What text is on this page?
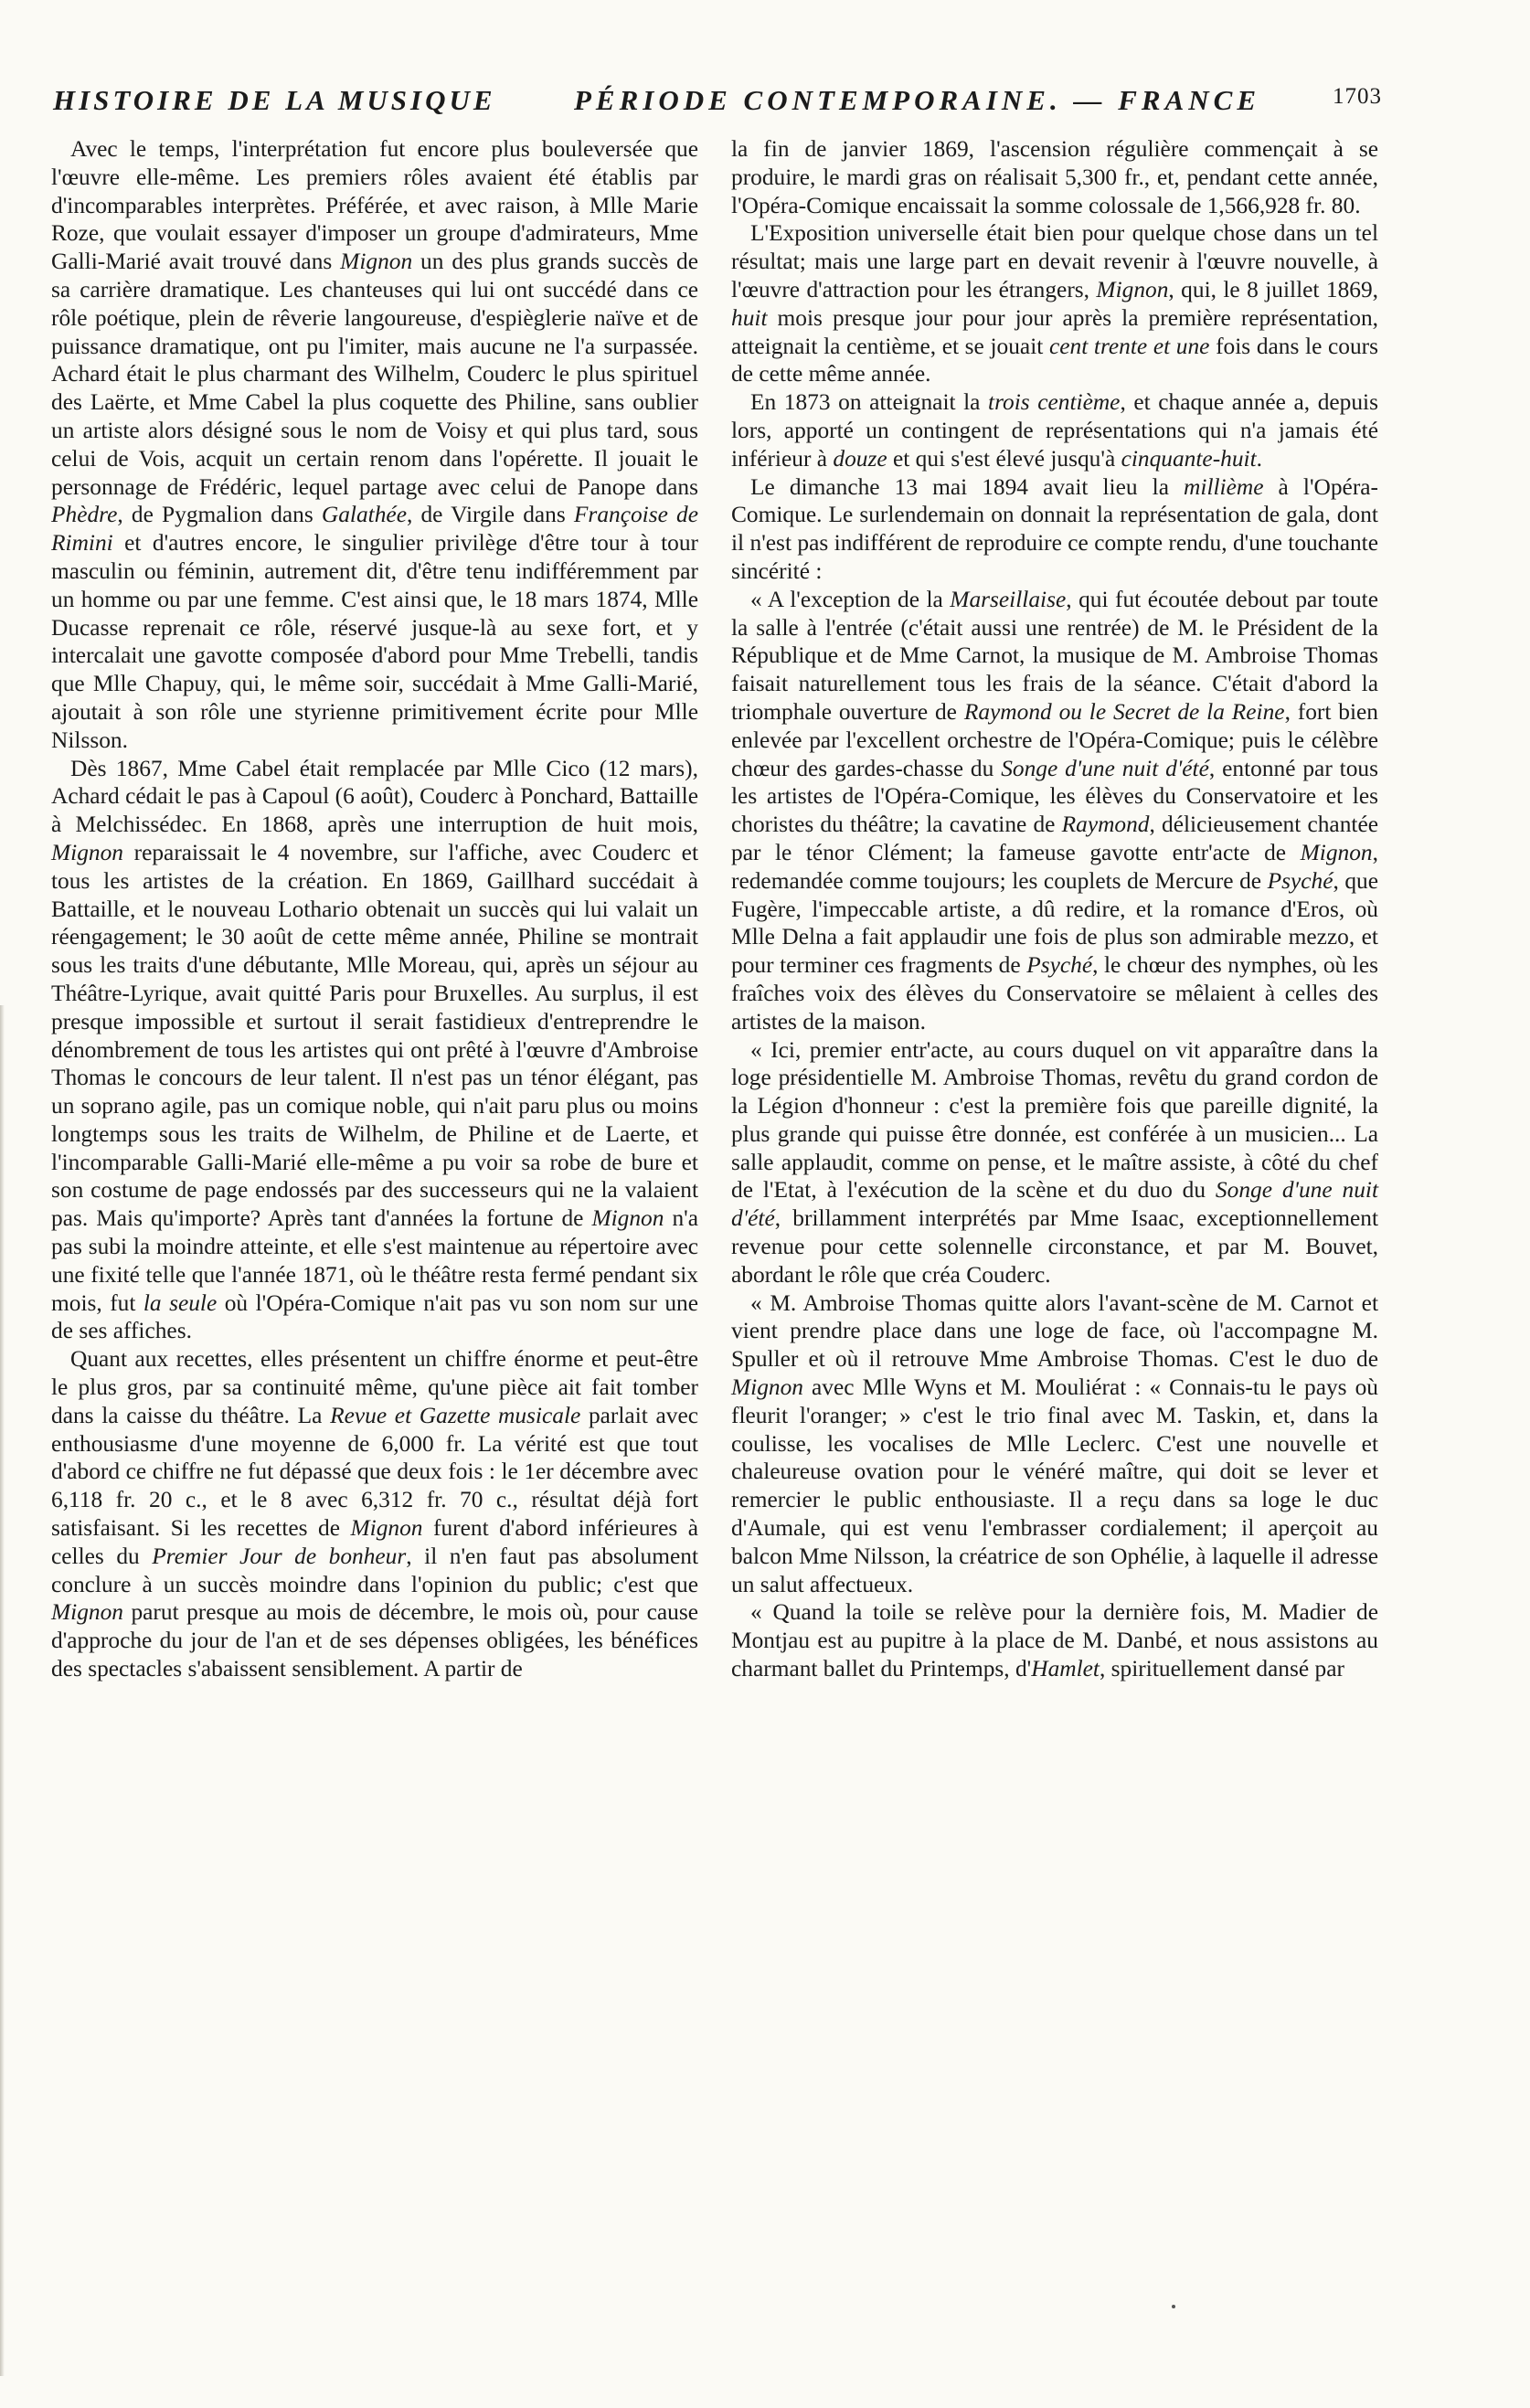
HISTOIRE DE LA MUSIQUE	PÉRIODE CONTEMPORAINE. — FRANCE	1703

Avec le temps, l'interprétation fut encore plus bouleversée que l'œuvre elle-même. Les premiers rôles avaient été établis par d'incomparables interprètes. Préférée, et avec raison, à Mlle Marie Roze, que voulait essayer d'imposer un groupe d'admirateurs, Mme Galli-Marié avait trouvé dans Mignon un des plus grands succès de sa carrière dramatique. Les chanteuses qui lui ont succédé dans ce rôle poétique, plein de rêverie langoureuse, d'espièglerie naïve et de puissance dramatique, ont pu l'imiter, mais aucune ne l'a surpassée. Achard était le plus charmant des Wilhelm, Couderc le plus spirituel des Laërte, et Mme Cabel la plus coquette des Philine, sans oublier un artiste alors désigné sous le nom de Voisy et qui plus tard, sous celui de Vois, acquit un certain renom dans l'opérette. Il jouait le personnage de Frédéric, lequel partage avec celui de Panope dans Phèdre, de Pygmalion dans Galathée, de Virgile dans Françoise de Rimini et d'autres encore, le singulier privilège d'être tour à tour masculin ou féminin, autrement dit, d'être tenu indifféremment par un homme ou par une femme. C'est ainsi que, le 18 mars 1874, Mlle Ducasse reprenait ce rôle, réservé jusque-là au sexe fort, et y intercalait une gavotte composée d'abord pour Mme Trebelli, tandis que Mlle Chapuy, qui, le même soir, succédait à Mme Galli-Marié, ajoutait à son rôle une styrienne primitivement écrite pour Mlle Nilsson.

Dès 1867, Mme Cabel était remplacée par Mlle Cico (12 mars), Achard cédait le pas à Capoul (6 août), Couderc à Ponchard, Battaille à Melchissédec. En 1868, après une interruption de huit mois, Mignon reparaissait le 4 novembre, sur l'affiche, avec Couderc et tous les artistes de la création. En 1869, Gaillhard succédait à Battaille, et le nouveau Lothario obtenait un succès qui lui valait un réengagement; le 30 août de cette même année, Philine se montrait sous les traits d'une débutante, Mlle Moreau, qui, après un séjour au Théâtre-Lyrique, avait quitté Paris pour Bruxelles. Au surplus, il est presque impossible et surtout il serait fastidieux d'entreprendre le dénombrement de tous les artistes qui ont prêté à l'œuvre d'Ambroise Thomas le concours de leur talent. Il n'est pas un ténor élégant, pas un soprano agile, pas un comique noble, qui n'ait paru plus ou moins longtemps sous les traits de Wilhelm, de Philine et de Laerte, et l'incomparable Galli-Marié elle-même a pu voir sa robe de bure et son costume de page endossés par des successeurs qui ne la valaient pas. Mais qu'importe? Après tant d'années la fortune de Mignon n'a pas subi la moindre atteinte, et elle s'est maintenue au répertoire avec une fixité telle que l'année 1871, où le théâtre resta fermé pendant six mois, fut la seule où l'Opéra-Comique n'ait pas vu son nom sur une de ses affiches.

Quant aux recettes, elles présentent un chiffre énorme et peut-être le plus gros, par sa continuité même, qu'une pièce ait fait tomber dans la caisse du théâtre. La Revue et Gazette musicale parlait avec enthousiasme d'une moyenne de 6,000 fr. La vérité est que tout d'abord ce chiffre ne fut dépassé que deux fois : le 1er décembre avec 6,118 fr. 20 c., et le 8 avec 6,312 fr. 70 c., résultat déjà fort satisfaisant. Si les recettes de Mignon furent d'abord inférieures à celles du Premier Jour de bonheur, il n'en faut pas absolument conclure à un succès moindre dans l'opinion du public; c'est que Mignon parut presque au mois de décembre, le mois où, pour cause d'approche du jour de l'an et de ses dépenses obligées, les bénéfices des spectacles s'abaissent sensiblement. A partir de

la fin de janvier 1869, l'ascension régulière commençait à se produire, le mardi gras on réalisait 5,300 fr., et, pendant cette année, l'Opéra-Comique encaissait la somme colossale de 1,566,928 fr. 80.

L'Exposition universelle était bien pour quelque chose dans un tel résultat; mais une large part en devait revenir à l'œuvre nouvelle, à l'œuvre d'attraction pour les étrangers, Mignon, qui, le 8 juillet 1869, huit mois presque jour pour jour après la première représentation, atteignait la centième, et se jouait cent trente et une fois dans le cours de cette même année.

En 1873 on atteignait la trois centième, et chaque année a, depuis lors, apporté un contingent de représentations qui n'a jamais été inférieur à douze et qui s'est élevé jusqu'à cinquante-huit.

Le dimanche 13 mai 1894 avait lieu la millième à l'Opéra-Comique. Le surlendemain on donnait la représentation de gala, dont il n'est pas indifférent de reproduire ce compte rendu, d'une touchante sincérité :

« A l'exception de la Marseillaise, qui fut écoutée debout par toute la salle à l'entrée (c'était aussi une rentrée) de M. le Président de la République et de Mme Carnot, la musique de M. Ambroise Thomas faisait naturellement tous les frais de la séance. C'était d'abord la triomphale ouverture de Raymond ou le Secret de la Reine, fort bien enlevée par l'excellent orchestre de l'Opéra-Comique; puis le célèbre chœur des gardes-chasse du Songe d'une nuit d'été, entonné par tous les artistes de l'Opéra-Comique, les élèves du Conservatoire et les choristes du théâtre; la cavatine de Raymond, délicieusement chantée par le ténor Clément; la fameuse gavotte entr'acte de Mignon, redemandée comme toujours; les couplets de Mercure de Psyché, que Fugère, l'impeccable artiste, a dû redire, et la romance d'Eros, où Mlle Delna a fait applaudir une fois de plus son admirable mezzo, et pour terminer ces fragments de Psyché, le chœur des nymphes, où les fraîches voix des élèves du Conservatoire se mêlaient à celles des artistes de la maison.

« Ici, premier entr'acte, au cours duquel on vit apparaître dans la loge présidentielle M. Ambroise Thomas, revêtu du grand cordon de la Légion d'honneur : c'est la première fois que pareille dignité, la plus grande qui puisse être donnée, est conférée à un musicien... La salle applaudit, comme on pense, et le maître assiste, à côté du chef de l'Etat, à l'exécution de la scène et du duo du Songe d'une nuit d'été, brillamment interprétés par Mme Isaac, exceptionnellement revenue pour cette solennelle circonstance, et par M. Bouvet, abordant le rôle que créa Couderc.

« M. Ambroise Thomas quitte alors l'avant-scène de M. Carnot et vient prendre place dans une loge de face, où l'accompagne M. Spuller et où il retrouve Mme Ambroise Thomas. C'est le duo de Mignon avec Mlle Wyns et M. Mouliérat : « Connais-tu le pays où fleurit l'oranger; » c'est le trio final avec M. Taskin, et, dans la coulisse, les vocalises de Mlle Leclerc. C'est une nouvelle et chaleureuse ovation pour le vénéré maître, qui doit se lever et remercier le public enthousiaste. Il a reçu dans sa loge le duc d'Aumale, qui est venu l'embrasser cordialement; il aperçoit au balcon Mme Nilsson, la créatrice de son Ophélie, à laquelle il adresse un salut affectueux.

« Quand la toile se relève pour la dernière fois, M. Madier de Montjau est au pupitre à la place de M. Danbé, et nous assistons au charmant ballet du Printemps, d'Hamlet, spirituellement dansé par
